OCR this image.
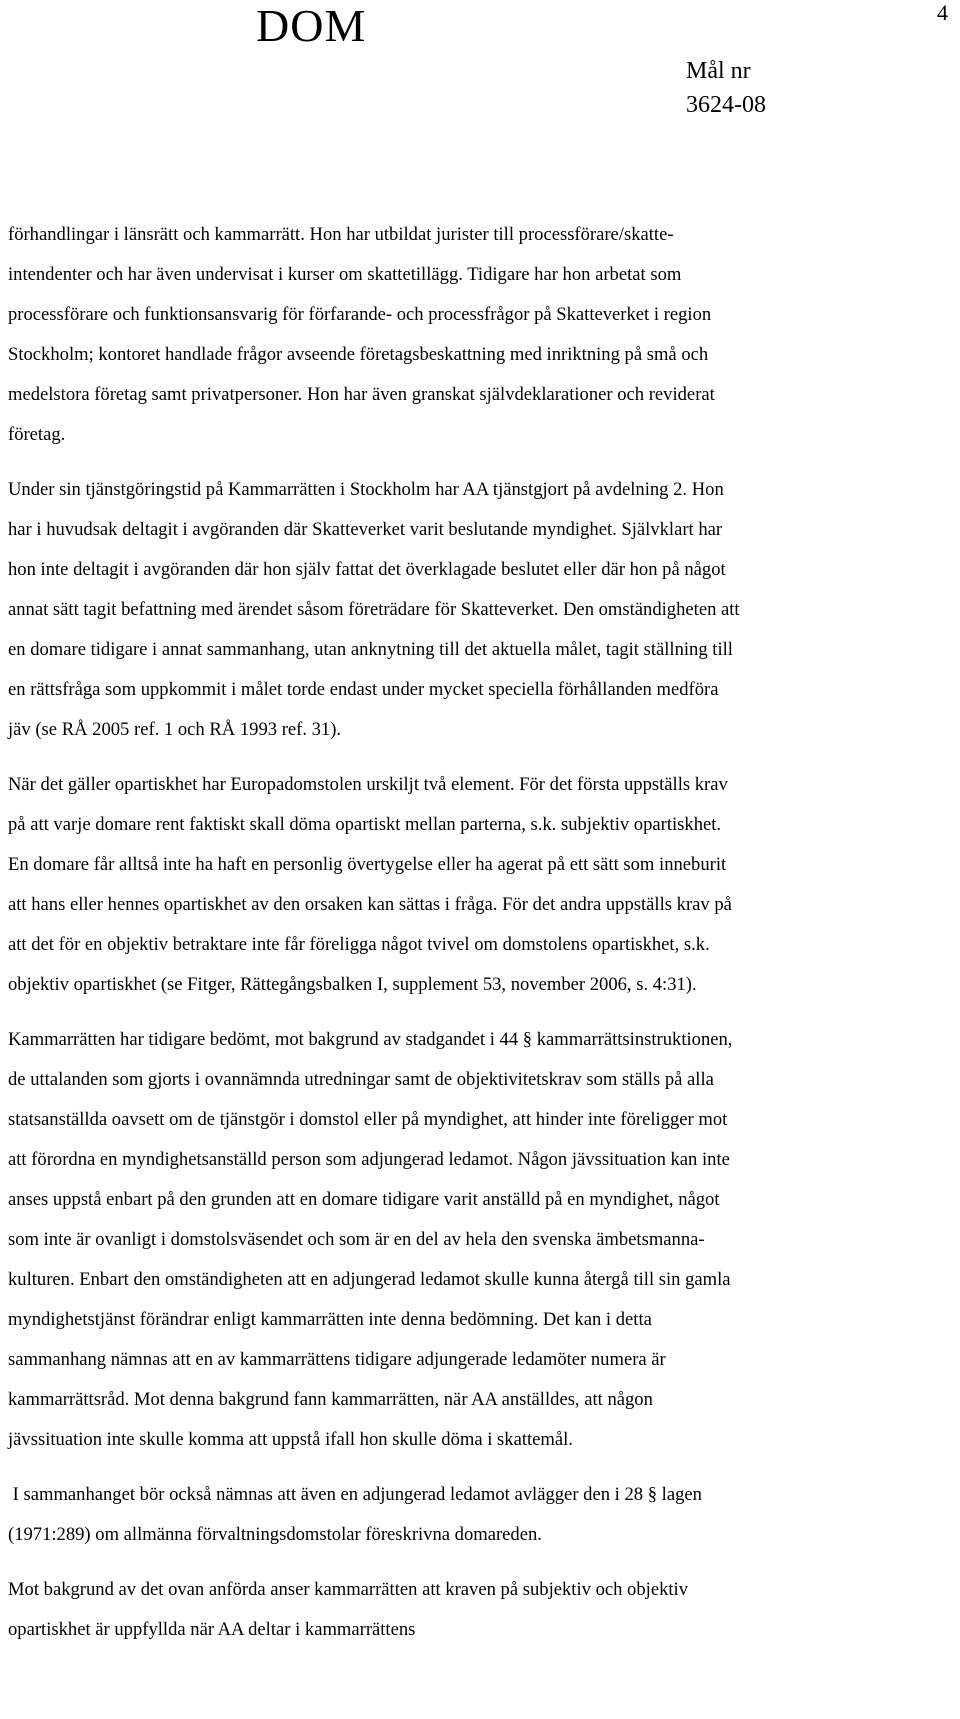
DOM	4
Mål nr
3624-08

förhandlingar i länsrätt och kammarrätt. Hon har utbildat jurister till processförare/skatte-
intendenter och har även undervisat i kurser om skattetillägg. Tidigare har hon arbetat som
processförare och funktionsansvarig för förfarande- och processfrågor på Skatteverket i region
Stockholm; kontoret handlade frågor avseende företagsbeskattning med inriktning på små och
medelstora företag samt privatpersoner. Hon har även granskat självdeklarationer och reviderat
företag.

Under sin tjänstgöringstid på Kammarrätten i Stockholm har AA tjänstgjort på avdelning 2. Hon
har i huvudsak deltagit i avgöranden där Skatteverket varit beslutande myndighet. Självklart har
hon inte deltagit i avgöranden där hon själv fattat det överklagade beslutet eller där hon på något
annat sätt tagit befattning med ärendet såsom företrädare för Skatteverket. Den omständigheten att
en domare tidigare i annat sammanhang, utan anknytning till det aktuella målet, tagit ställning till
en rättsfråga som uppkommit i målet torde endast under mycket speciella förhållanden medföra
jäv (se RÅ 2005 ref. 1 och RÅ 1993 ref. 31).

När det gäller opartiskhet har Europadomstolen urskiljt två element. För det första uppställs krav
på att varje domare rent faktiskt skall döma opartiskt mellan parterna, s.k. subjektiv opartiskhet.
En domare får alltså inte ha haft en personlig övertygelse eller ha agerat på ett sätt som inneburit
att hans eller hennes opartiskhet av den orsaken kan sättas i fråga. För det andra uppställs krav på
att det för en objektiv betraktare inte får föreligga något tvivel om domstolens opartiskhet, s.k.
objektiv opartiskhet (se Fitger, Rättegångsbalken I, supplement 53, november 2006, s. 4:31).

Kammarrätten har tidigare bedömt, mot bakgrund av stadgandet i 44 § kammarrättsinstruktionen,
de uttalanden som gjorts i ovannämnda utredningar samt de objektivitetskrav som ställs på alla
statsanställda oavsett om de tjänstgör i domstol eller på myndighet, att hinder inte föreligger mot
att förordna en myndighetsanställd person som adjungerad ledamot. Någon jävssituation kan inte
anses uppstå enbart på den grunden att en domare tidigare varit anställd på en myndighet, något
som inte är ovanligt i domstolsväsendet och som är en del av hela den svenska ämbetsmanna-
kulturen. Enbart den omständigheten att en adjungerad ledamot skulle kunna återgå till sin gamla
myndighetstjänst förändrar enligt kammarrätten inte denna bedömning. Det kan i detta
sammanhang nämnas att en av kammarrättens tidigare adjungerade ledamöter numera är
kammarrättsråd. Mot denna bakgrund fann kammarrätten, när AA anställdes, att någon
jävssituation inte skulle komma att uppstå ifall hon skulle döma i skattemål.

I sammanhanget bör också nämnas att även en adjungerad ledamot avlägger den i 28 § lagen
(1971:289) om allmänna förvaltningsdomstolar föreskrivna domareden.

Mot bakgrund av det ovan anförda anser kammarrätten att kraven på subjektiv och objektiv
opartiskhet är uppfyllda när AA deltar i kammarrättens
